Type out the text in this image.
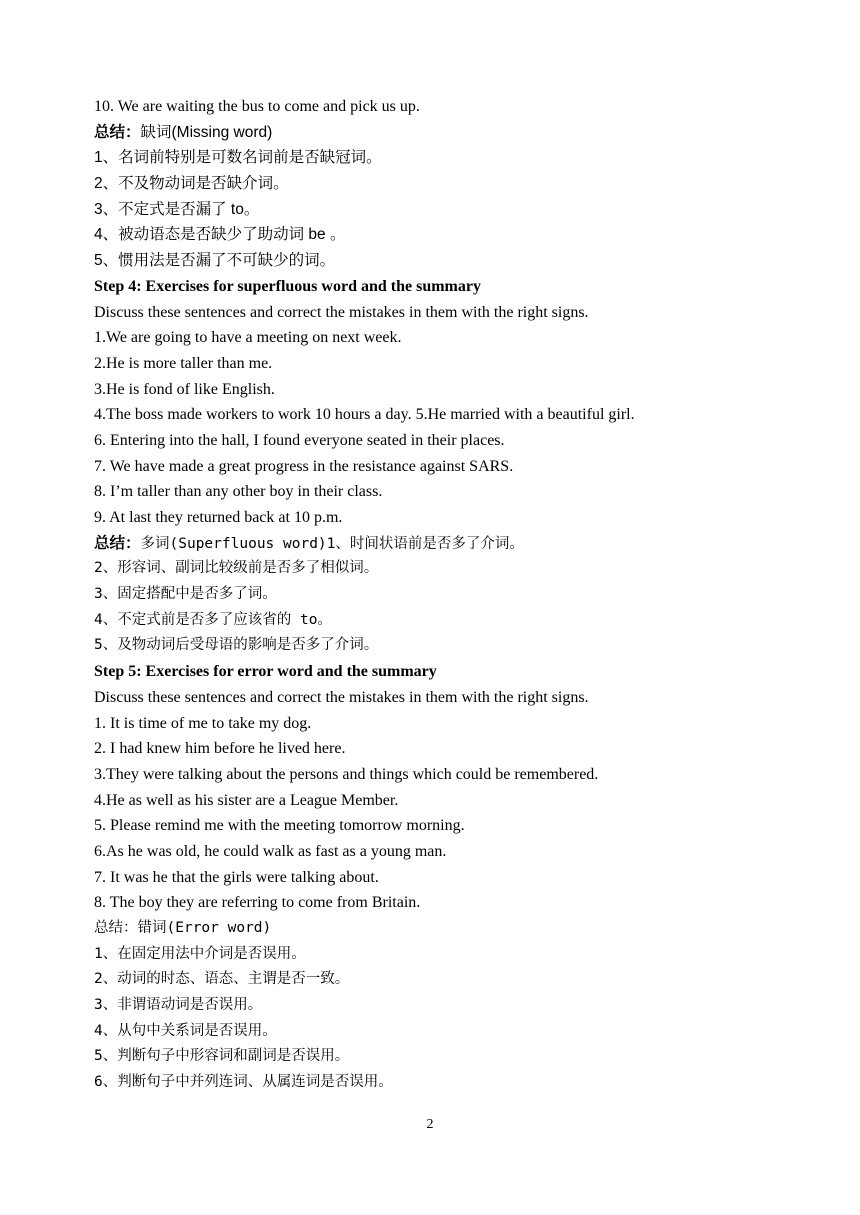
10. We are waiting the bus to come and pick us up.
总结：缺词(Missing word)
1、名词前特别是可数名词前是否缺冠词。
2、不及物动词是否缺介词。
3、不定式是否漏了 to。
4、被动语态是否缺少了助动词 be 。
5、惯用法是否漏了不可缺少的词。
Step 4: Exercises for superfluous word and the summary
Discuss these sentences and correct the mistakes in them with the right signs.
1.We are going to have a meeting on next week.
2.He is more taller than me.
3.He is fond of like English.
4.The boss made workers to work 10 hours a day. 5.He married with a beautiful girl.
6. Entering into the hall, I found everyone seated in their places.
7. We have made a great progress in the resistance against SARS.
8. I’m taller than any other boy in their class.
9. At last they returned back at 10 p.m.
总结：多词(Superfluous word)1、时间状语前是否多了介词。
2、形容词、副词比较级前是否多了相似词。
3、固定搭配中是否多了词。
4、不定式前是否多了应该省的 to。
5、及物动词后受母语的影响是否多了介词。
Step 5: Exercises for error word and the summary
Discuss these sentences and correct the mistakes in them with the right signs.
1. It is time of me to take my dog.
2. I had knew him before he lived here.
3.They were talking about the persons and things which could be remembered.
4.He as well as his sister are a League Member.
5. Please remind me with the meeting tomorrow morning.
6.As he was old, he could walk as fast as a young man.
7. It was he that the girls were talking about.
8. The boy they are referring to come from Britain.
总结：错词(Error word)
1、在固定用法中介词是否误用。
2、动词的时态、语态、主谓是否一致。
3、非谓语动词是否误用。
4、从句中关系词是否误用。
5、判断句子中形容词和副词是否误用。
6、判断句子中并列连词、从属连词是否误用。
2
